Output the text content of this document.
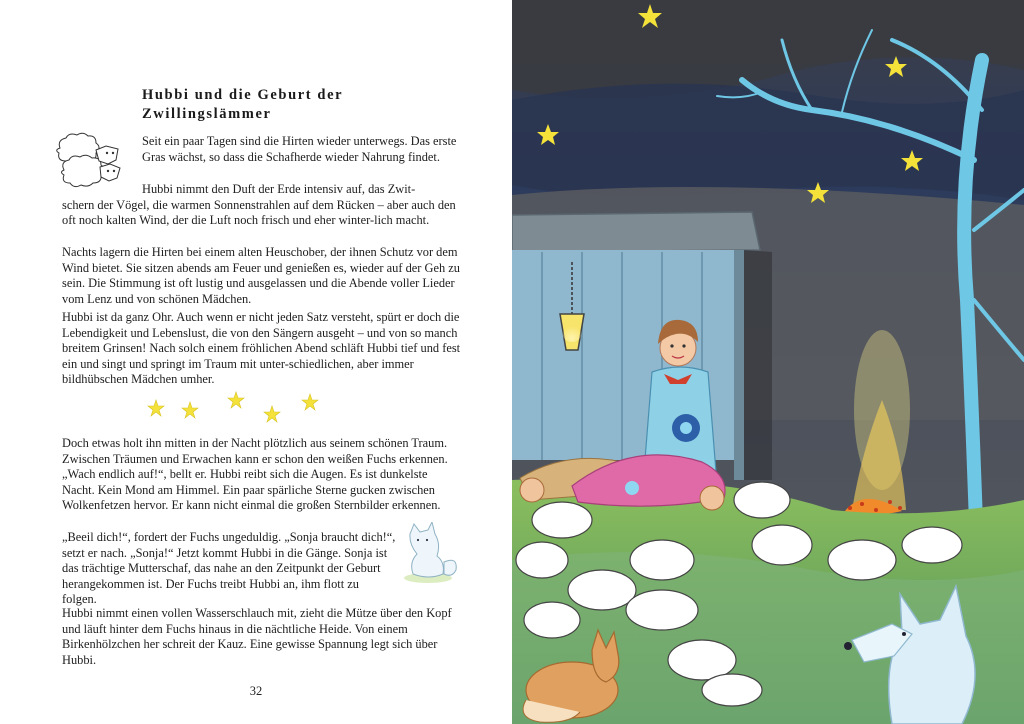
Hubbi und die Geburt der Zwillingslämmer

Seit ein paar Tagen sind die Hirten wieder unterwegs. Das erste Gras wächst, so dass die Schafherde wieder Nahrung findet.

Hubbi nimmt den Duft der Erde intensiv auf, das Zwit-
schern der Vögel, die warmen Sonnenstrahlen auf dem Rücken – aber auch den oft noch kalten Wind, der die Luft noch frisch und eher winter-lich macht.

Nachts lagern die Hirten bei einem alten Heuschober, der ihnen Schutz vor dem Wind bietet. Sie sitzen abends am Feuer und genießen es, wieder auf der Geh zu sein. Die Stimmung ist oft lustig und ausgelassen und die Abende voller Lieder vom Lenz und von schönen Mädchen.

Hubbi ist da ganz Ohr. Auch wenn er nicht jeden Satz versteht, spürt er doch die Lebendigkeit und Lebenslust, die von den Sängern ausgeht – und von so manch breitem Grinsen! Nach solch einem fröhlichen Abend schläft Hubbi tief und fest ein und singt und springt im Traum mit unter-schiedlichen, aber immer bildhübschen Mädchen umher.

Doch etwas holt ihn mitten in der Nacht plötzlich aus seinem schönen Traum. Zwischen Träumen und Erwachen kann er schon den weißen Fuchs erkennen. „Wach endlich auf!“, bellt er. Hubbi reibt sich die Augen. Es ist dunkelste Nacht. Kein Mond am Himmel. Ein paar spärliche Sterne gucken zwischen Wolkenfetzen hervor. Er kann nicht einmal die großen Sternbilder erkennen.

„Beeil dich!“, fordert der Fuchs ungeduldig. „Sonja braucht dich!“, setzt er nach. „Sonja!“ Jetzt kommt Hubbi in die Gänge. Sonja ist das trächtige Mutterschaf, das nahe an den Zeitpunkt der Geburt herangekommen ist. Der Fuchs treibt Hubbi an, ihm flott zu folgen.

Hubbi nimmt einen vollen Wasserschlauch mit, zieht die Mütze über den Kopf und läuft hinter dem Fuchs hinaus in die nächtliche Heide. Von einem Birkenhölzchen her schreit der Kauz. Eine gewisse Spannung legt sich über Hubbi.

32
